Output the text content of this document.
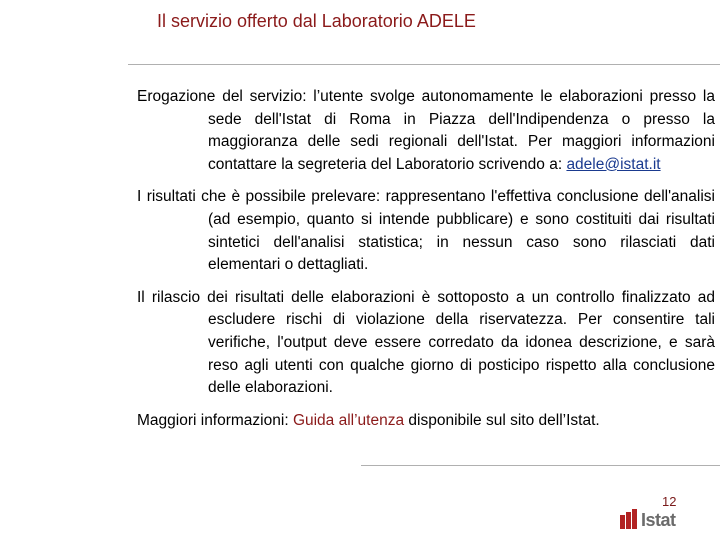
Il servizio offerto dal Laboratorio ADELE

Erogazione del servizio: l’utente svolge autonomamente le elaborazioni presso la sede dell'Istat di Roma in Piazza dell'Indipendenza o presso la maggioranza delle sedi regionali dell'Istat. Per maggiori informazioni contattare la segreteria del Laboratorio scrivendo a: adele@istat.it

I risultati che è possibile prelevare: rappresentano l'effettiva conclusione dell'analisi (ad esempio, quanto si intende pubblicare) e sono costituiti dai risultati sintetici dell'analisi statistica; in nessun caso sono rilasciati dati elementari o dettagliati.

Il rilascio dei risultati delle elaborazioni è sottoposto a un controllo finalizzato ad escludere rischi di violazione della riservatezza. Per consentire tali verifiche, l'output deve essere corredato da idonea descrizione, e sarà reso agli utenti con qualche giorno di posticipo rispetto alla conclusione delle elaborazioni.

Maggiori informazioni: Guida all’utenza disponibile sul sito dell’Istat.

12
Istat
